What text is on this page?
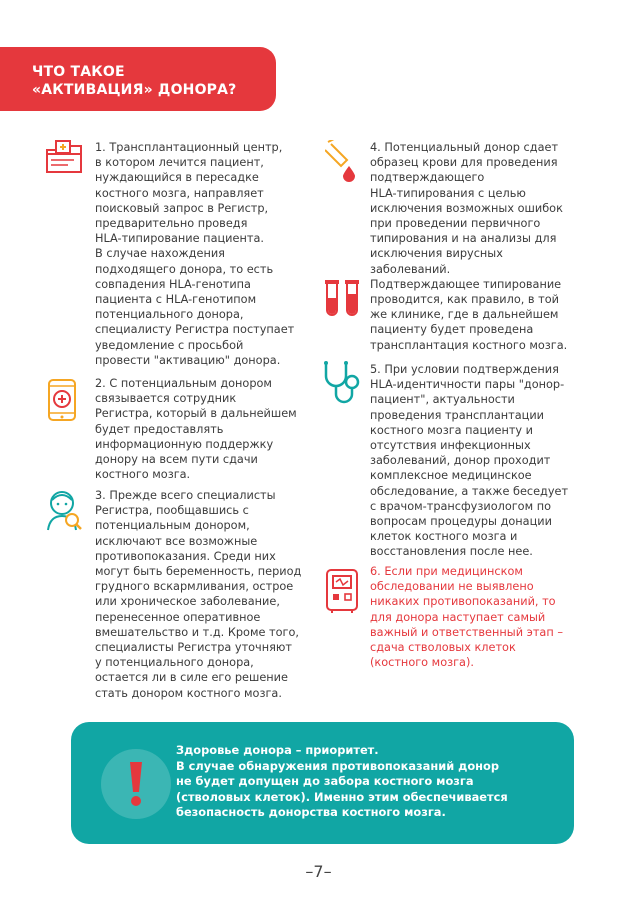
ЧТО ТАКОЕ
«АКТИВАЦИЯ» ДОНОРА?
1. Трансплантационный центр,
в котором лечится пациент,
нуждающийся в пересадке
костного мозга, направляет
поисковый запрос в Регистр,
предварительно проведя
HLA-типирование пациента.
В случае нахождения
подходящего донора, то есть
совпадения HLA-генотипа
пациента с HLA-генотипом
потенциального донора,
специалисту Регистра поступает
уведомление с просьбой
провести "активацию" донора.
2. С потенциальным донором
связывается сотрудник
Регистра, который в дальнейшем
будет предоставлять
информационную поддержку
донору на всем пути сдачи
костного мозга.
3. Прежде всего специалисты
Регистра, пообщавшись с
потенциальным донором,
исключают все возможные
противопоказания. Среди них
могут быть беременность, период
грудного вскармливания, острое
или хроническое заболевание,
перенесенное оперативное
вмешательство и т.д. Кроме того,
специалисты Регистра уточняют
у потенциального донора,
остается ли в силе его решение
стать донором костного мозга.
4. Потенциальный донор сдает
образец крови для проведения
подтверждающего
HLA-типирования с целью
исключения возможных ошибок
при проведении первичного
типирования и на анализы для
исключения вирусных
заболеваний.
Подтверждающее типирование
проводится, как правило, в той
же клинике, где в дальнейшем
пациенту будет проведена
трансплантация костного мозга.
5. При условии подтверждения
HLA-идентичности пары "донор-
пациент", актуальности
проведения трансплантации
костного мозга пациенту и
отсутствия инфекционных
заболеваний, донор проходит
комплексное медицинское
обследование, а также беседует
с врачом-трансфузиологом по
вопросам процедуры донации
клеток костного мозга и
восстановления после нее.
6. Если при медицинском
обследовании не выявлено
никаких противопоказаний, то
для донора наступает самый
важный и ответственный этап –
сдача стволовых клеток
(костного мозга).
Здоровье донора – приоритет.
В случае обнаружения противопоказаний донор
не будет допущен до забора костного мозга
(стволовых клеток). Именно этим обеспечивается
безопасность донорства костного мозга.
–7–
